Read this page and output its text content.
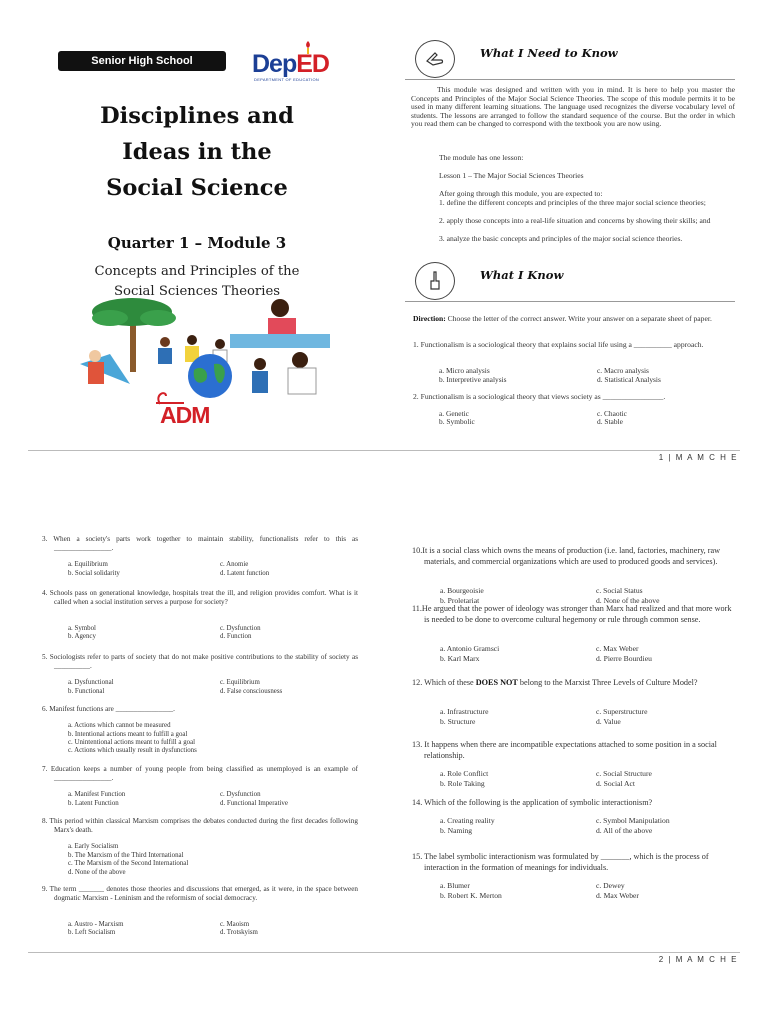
Senior High School	DepED
DEPARTMENT OF EDUCATION
Disciplines and
Ideas in the
Social Science
Quarter 1 – Module 3
Concepts and Principles of the
Social Sciences Theories
ADM
What I Need to Know
This module was designed and written with you in mind. It is here to help you master the Concepts and Principles of the Major Social Science Theories. The scope of this module permits it to be used in many different learning situations. The language used recognizes the diverse vocabulary level of students. The lessons are arranged to follow the standard sequence of the course. But the order in which you read them can be changed to correspond with the textbook you are now using.
The module has one lesson:
Lesson 1 – The Major Social Sciences Theories
After going through this module, you are expected to:
1. define the different concepts and principles of the three major social science theories;
2. apply those concepts into a real-life situation and concerns by showing their skills; and
3. analyze the basic concepts and principles of the major social science theories.
What I Know
Direction: Choose the letter of the correct answer. Write your answer on a separate sheet of paper.
1. Functionalism is a sociological theory that explains social life using a __________ approach.
a. Micro analysis
b. Interpretive analysis
c. Macro analysis
d. Statistical Analysis
2. Functionalism is a sociological theory that views society as ________________.
a. Genetic
b. Symbolic
c. Chaotic
d. Stable
1 | M A M C H E
3. When a society's parts work together to maintain stability, functionalists refer to this as ________________.
a. Equilibrium
b. Social solidarity
c. Anomie
d. Latent function
4. Schools pass on generational knowledge, hospitals treat the ill, and religion provides comfort. What is it called when a social institution serves a purpose for society?
a. Symbol
b. Agency
c. Dysfunction
d. Function
5. Sociologists refer to parts of society that do not make positive contributions to the stability of society as __________.
a. Dysfunctional
b. Functional
c. Equilibrium
d. False consciousness
6. Manifest functions are ________________.
a. Actions which cannot be measured
b. Intentional actions meant to fulfill a goal
c. Unintentional actions meant to fulfill a goal
c. Actions which usually result in dysfunctions
7. Education keeps a number of young people from being classified as unemployed is an example of ________________.
a. Manifest Function
b. Latent Function
c. Dysfunction
d. Functional Imperative
8. This period within classical Marxism comprises the debates conducted during the first decades following Marx's death.
a. Early Socialism
b. The Marxism of the Third International
c. The Marxism of the Second International
d. None of the above
9. The term _______ denotes those theories and discussions that emerged, as it were, in the space between dogmatic Marxism - Leninism and the reformism of social democracy.
a. Austro - Marxism
b. Left Socialism
c. Maoism
d. Trotskyism
10.It is a social class which owns the means of production (i.e. land, factories, machinery, raw materials, and commercial organizations which are used to produced goods and services).
a. Bourgeoisie
b. Proletariat
c. Social Status
d. None of the above
11.He argued that the power of ideology was stronger than Marx had realized and that more work is needed to be done to overcome cultural hegemony or rule through common sense.
a. Antonio Gramsci
b. Karl Marx
c. Max Weber
d. Pierre Bourdieu
12. Which of these DOES NOT belong to the Marxist Three Levels of Culture Model?
a. Infrastructure
b. Structure
c. Superstructure
d. Value
13. It happens when there are incompatible expectations attached to some position in a social relationship.
a. Role Conflict
b. Role Taking
c. Social Structure
d. Social Act
14. Which of the following is the application of symbolic interactionism?
a. Creating reality
b. Naming
c. Symbol Manipulation
d. All of the above
15. The label symbolic interactionism was formulated by _______, which is the process of interaction in the formation of meanings for individuals.
a. Blumer
b. Robert K. Merton
c. Dewey
d. Max Weber
2 | M A M C H E
